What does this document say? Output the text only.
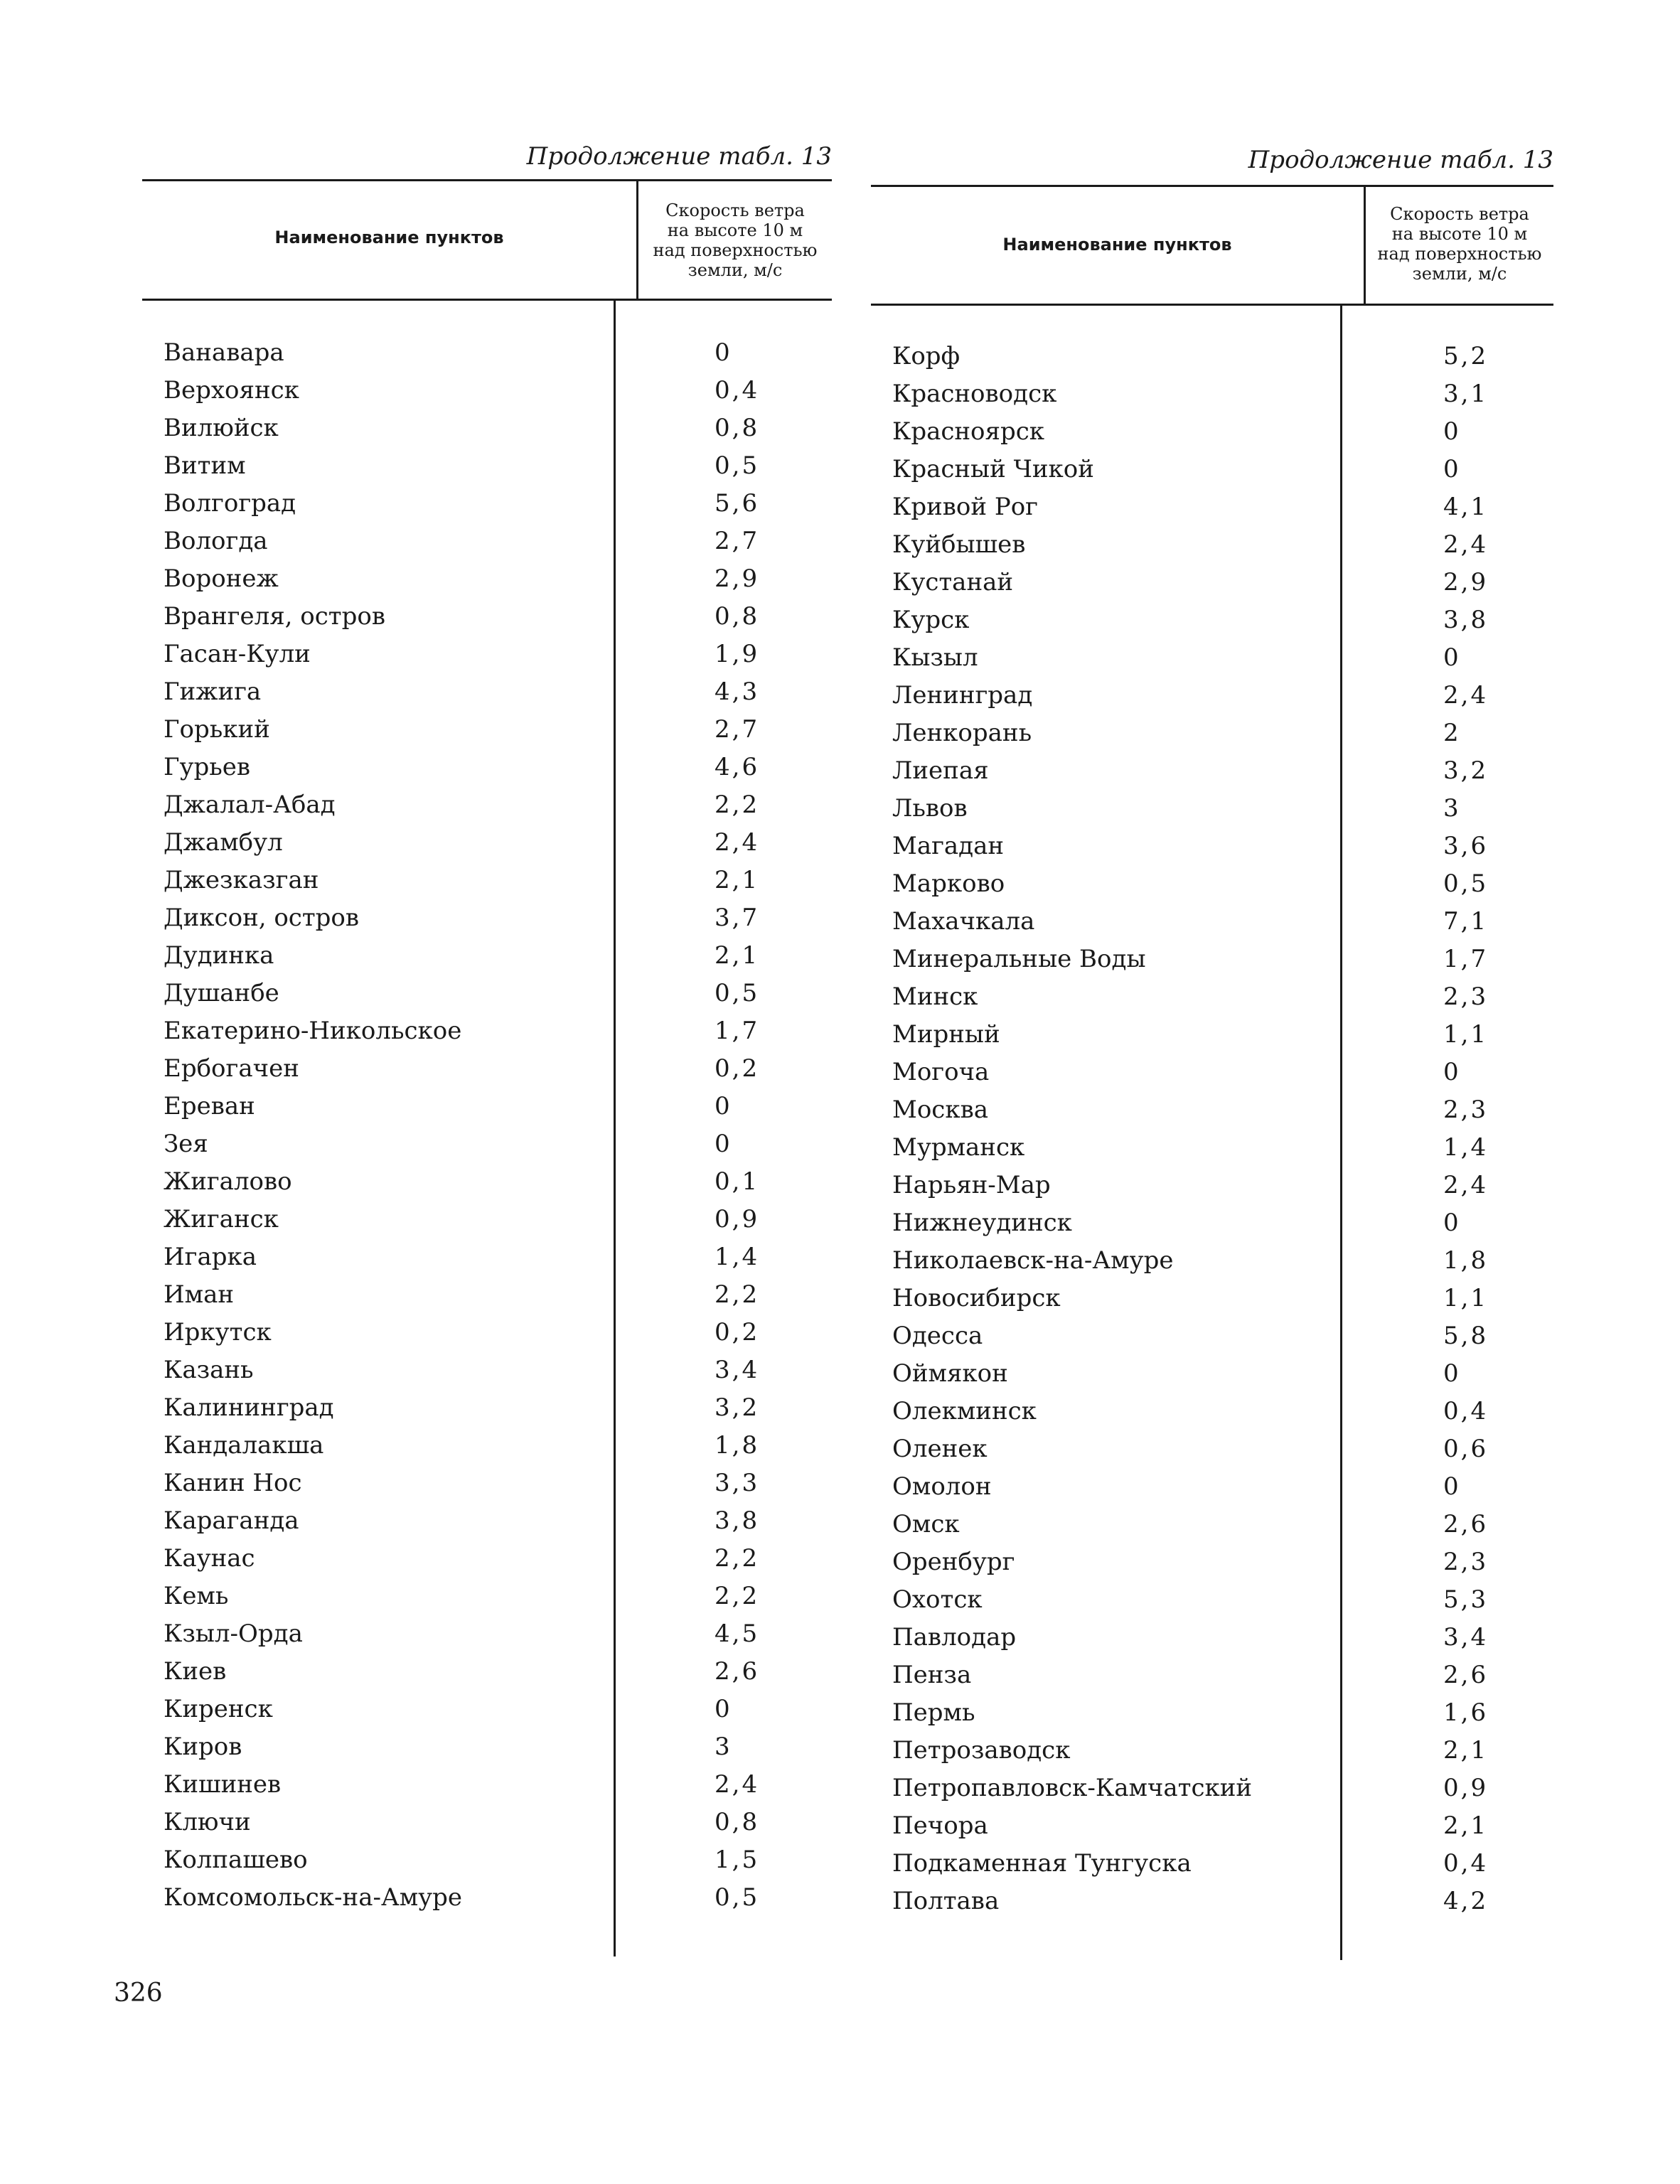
Продолжение табл. 13
Наименование пунктов
Скорость ветра
на высоте 10 м
над поверхностью
земли, м/с
Ванавара	0
Верхоянск	0,4
Вилюйск	0,8
Витим	0,5
Волгоград	5,6
Вологда	2,7
Воронеж	2,9
Врангеля, остров	0,8
Гасан-Кули	1,9
Гижига	4,3
Горький	2,7
Гурьев	4,6
Джалал-Абад	2,2
Джамбул	2,4
Джезказган	2,1
Диксон, остров	3,7
Дудинка	2,1
Душанбе	0,5
Екатерино-Никольское	1,7
Ербогачен	0,2
Ереван	0
Зея	0
Жигалово	0,1
Жиганск	0,9
Игарка	1,4
Иман	2,2
Иркутск	0,2
Казань	3,4
Калининград	3,2
Кандалакша	1,8
Канин Нос	3,3
Караганда	3,8
Каунас	2,2
Кемь	2,2
Кзыл-Орда	4,5
Киев	2,6
Киренск	0
Киров	3
Кишинев	2,4
Ключи	0,8
Колпашево	1,5
Комсомольск-на-Амуре	0,5
Продолжение табл. 13
Наименование пунктов
Скорость ветра
на высоте 10 м
над поверхностью
земли, м/с
Корф	5,2
Красноводск	3,1
Красноярск	0
Красный Чикой	0
Кривой Рог	4,1
Куйбышев	2,4
Кустанай	2,9
Курск	3,8
Кызыл	0
Ленинград	2,4
Ленкорань	2
Лиепая	3,2
Львов	3
Магадан	3,6
Марково	0,5
Махачкала	7,1
Минеральные Воды	1,7
Минск	2,3
Мирный	1,1
Могоча	0
Москва	2,3
Мурманск	1,4
Нарьян-Мар	2,4
Нижнеудинск	0
Николаевск-на-Амуре	1,8
Новосибирск	1,1
Одесса	5,8
Оймякон	0
Олекминск	0,4
Оленек	0,6
Омолон	0
Омск	2,6
Оренбург	2,3
Охотск	5,3
Павлодар	3,4
Пенза	2,6
Пермь	1,6
Петрозаводск	2,1
Петропавловск-Камчатский	0,9
Печора	2,1
Подкаменная Тунгуска	0,4
Полтава	4,2
326
